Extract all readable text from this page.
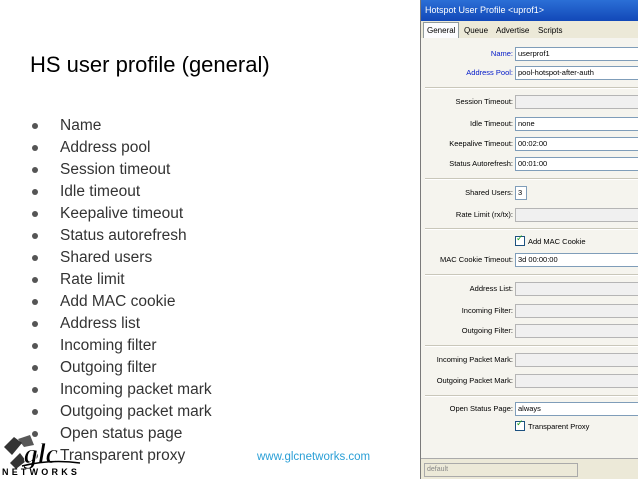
HS user profile (general)
Name
Address pool
Session timeout
Idle timeout
Keepalive timeout
Status autorefresh
Shared users
Rate limit
Add MAC cookie
Address list
Incoming filter
Outgoing filter
Incoming packet mark
Outgoing packet mark
Open status page
Transparent proxy
glc
NETWORKS
www.glcnetworks.com
Hotspot User Profile <uprof1>
General	Queue Advertise	Scripts
Name: userprof1
Address Pool: pool-hotspot-after-auth
Session Timeout:
Idle Timeout: none
Keepalive Timeout: 00:02:00
Status Autorefresh: 00:01:00
Shared Users: 3
Rate Limit (rx/tx):
✓
Add MAC Cookie
MAC Cookie Timeout: 3d 00:00:00
Address List:
Incoming Filter:
Outgoing Filter:
Incoming Packet Mark:
Outgoing Packet Mark:
Open Status Page: always
✓
Transparent Proxy
default
